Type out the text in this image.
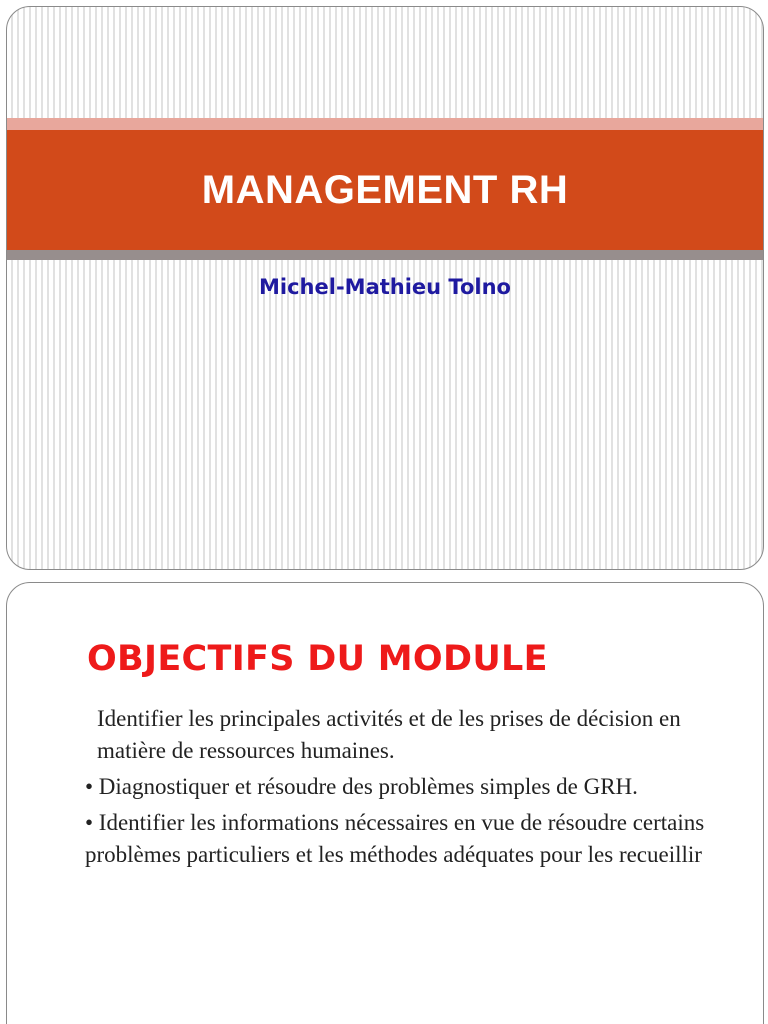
MANAGEMENT RH

Michel-Mathieu Tolno

OBJECTIFS DU MODULE

Identifier les principales activités et de les prises de décision en matière de ressources humaines.

• Diagnostiquer et résoudre des problèmes simples de GRH.

• Identifier les informations nécessaires en vue de résoudre certains problèmes particuliers et les méthodes adéquates pour les recueillir
